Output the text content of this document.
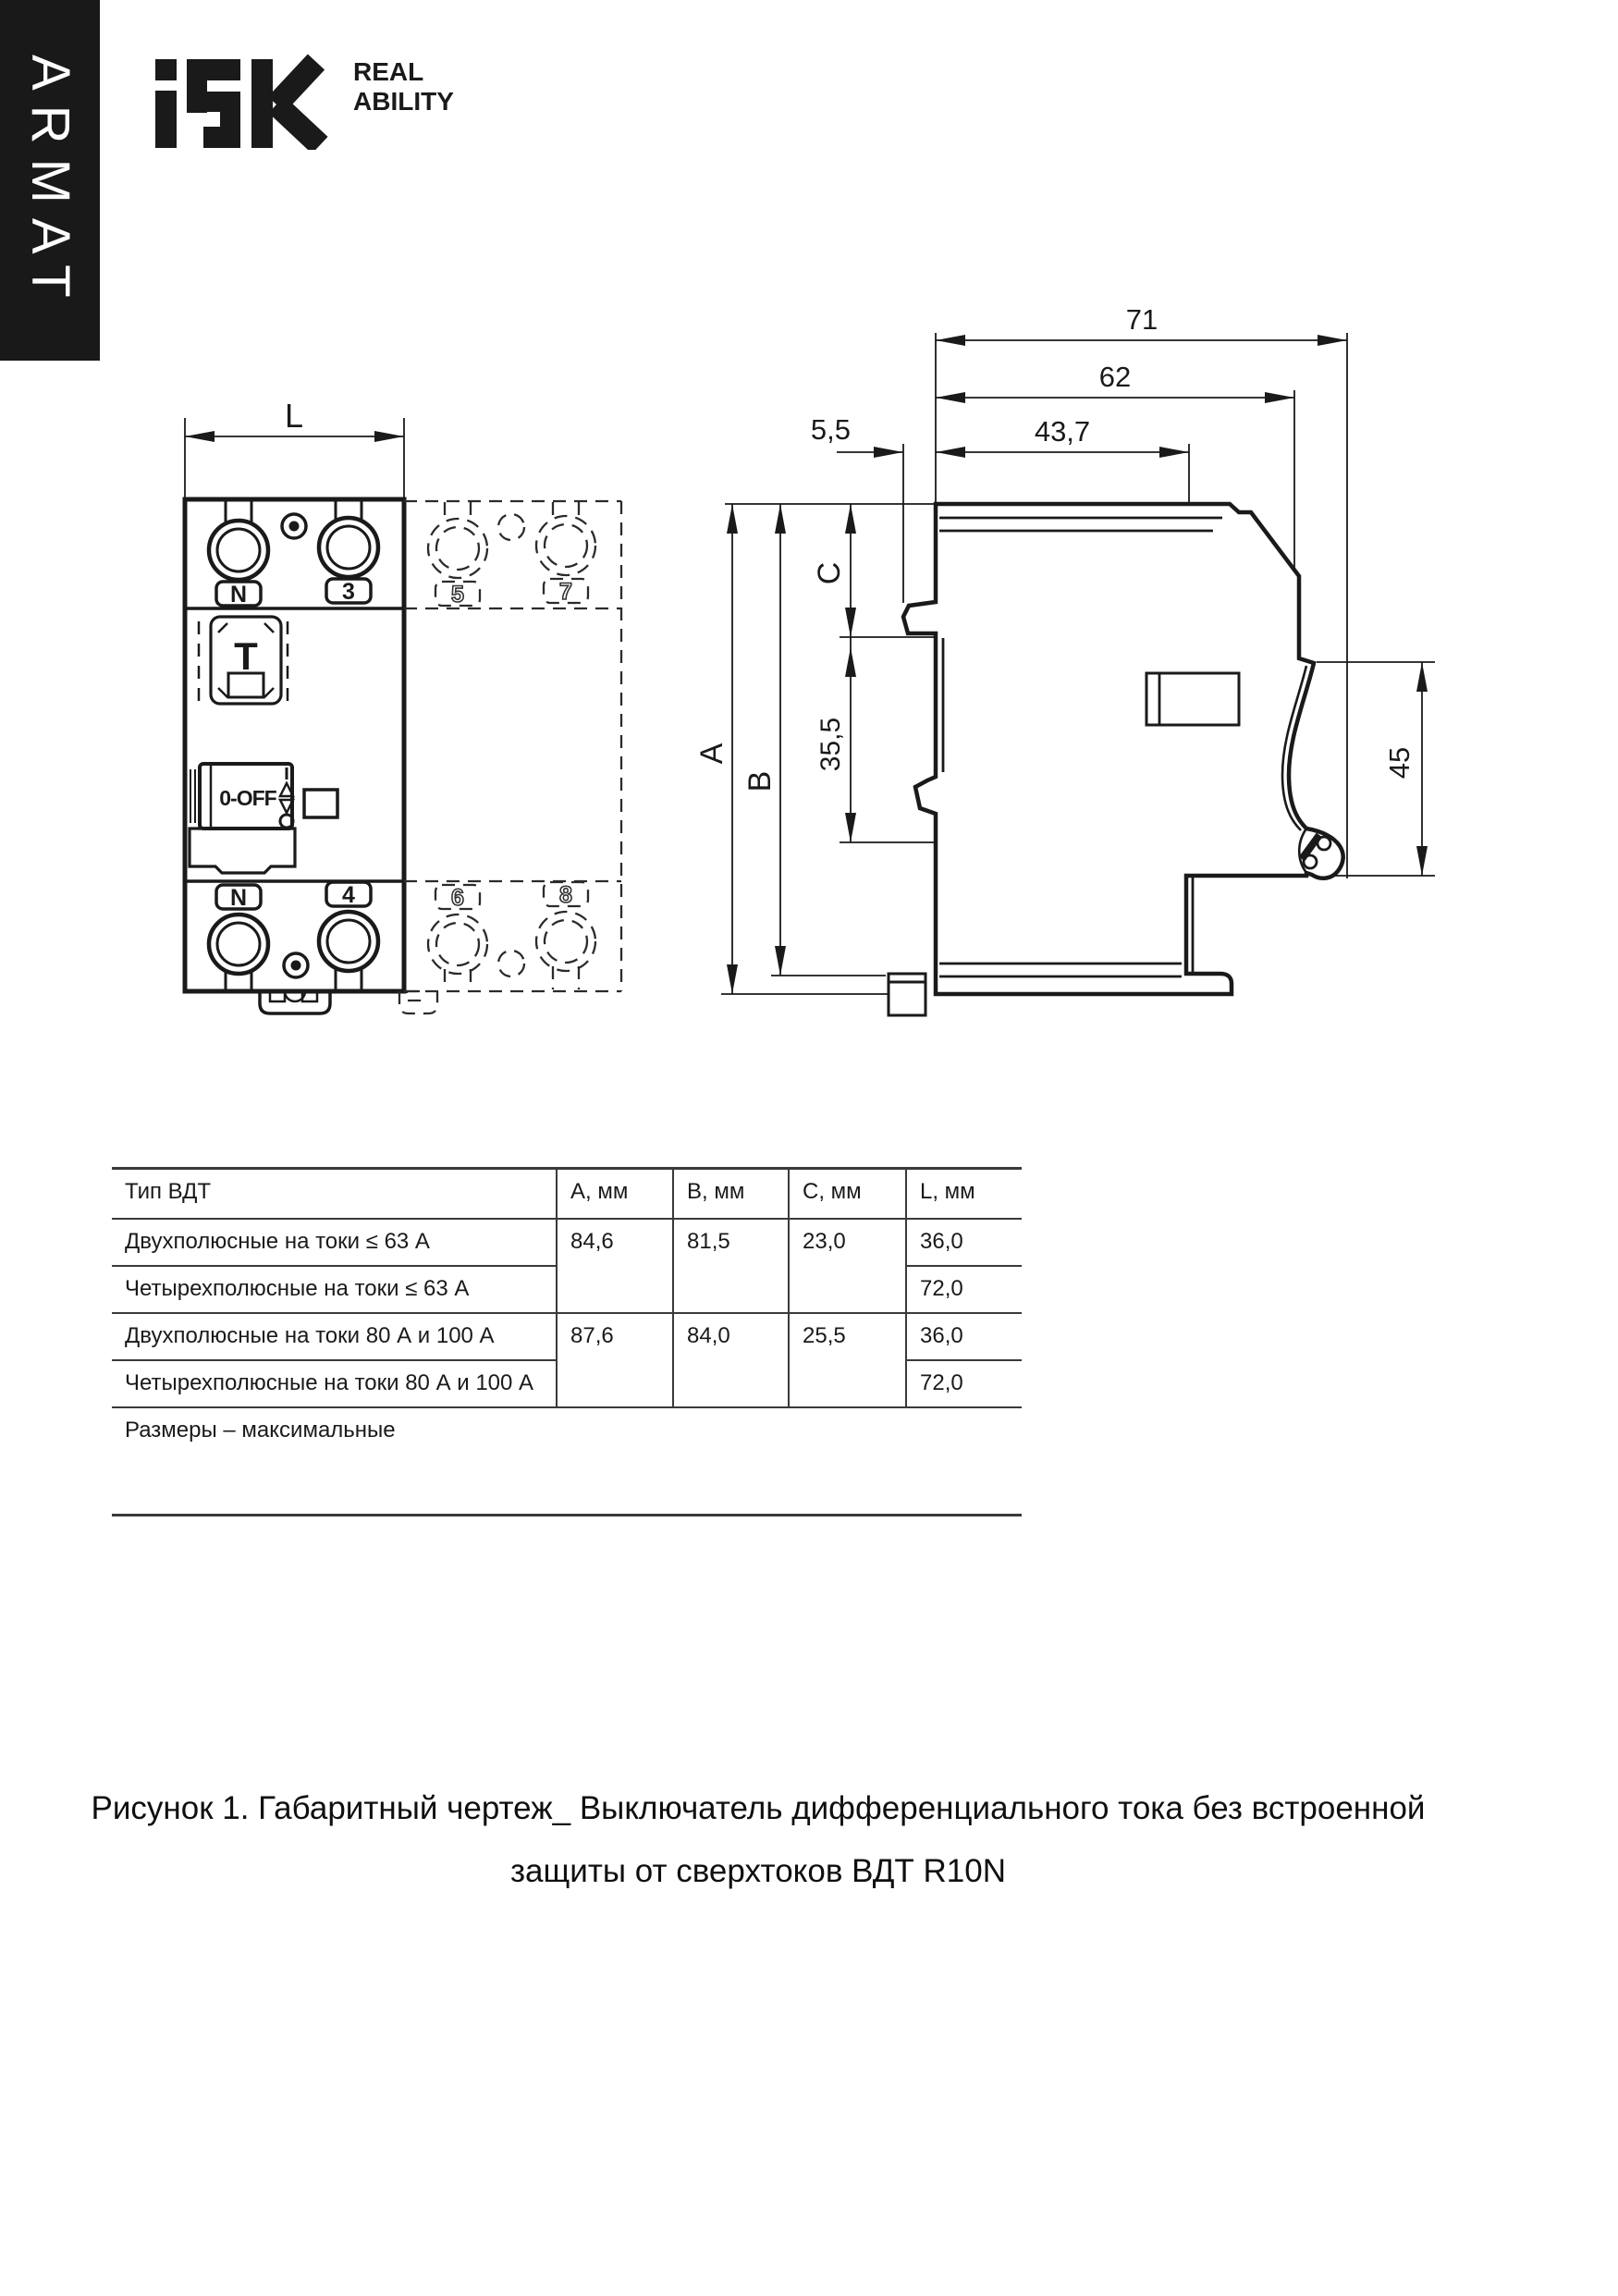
ARMAT	REAL
ABILITY
L
N	3
T
0-OFF
N	4
5	7
6	8
71
62
5,5	43,7
A
B
C
35,5	45
Тип ВДТ	A, мм	B, мм	C, мм	L, мм
Двухполюсные на токи ≤ 63 А	84,6	81,5	23,0	36,0
Четырехполюсные на токи ≤ 63 А				72,0
Двухполюсные на токи 80 А и 100 А	87,6	84,0	25,5	36,0
Четырехполюсные на токи 80 А и 100 А				72,0
Размеры – максимальные				
Рисунок 1. Габаритный чертеж_ Выключатель дифференциального тока без встроенной
защиты от сверхтоков ВДТ R10N
